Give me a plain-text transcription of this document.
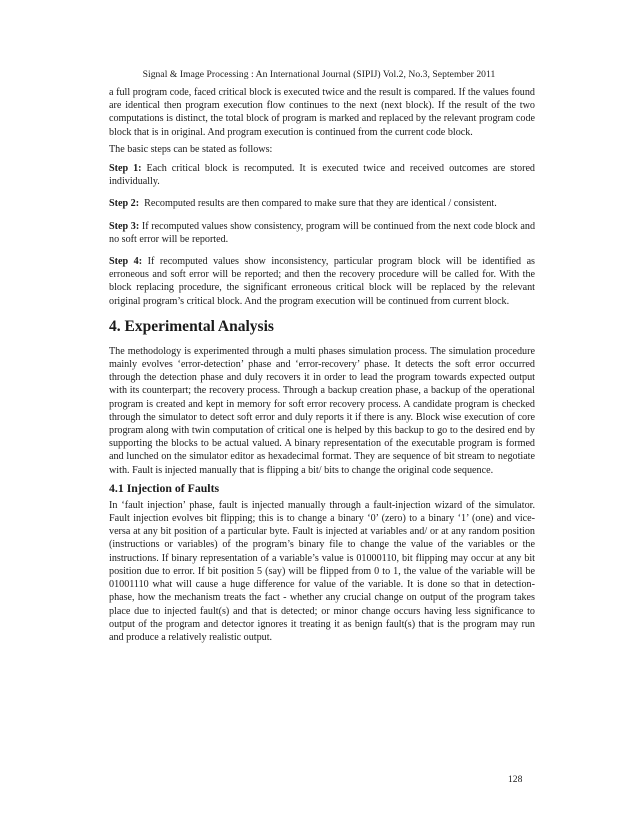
Signal & Image Processing : An International Journal (SIPIJ) Vol.2, No.3, September 2011

a full program code, faced critical block is executed twice and the result is compared. If the values found are identical then program execution flow continues to the next (next block). If the result of the two computations is distinct, the total block of program is marked and replaced by the relevant program code block that is in original. And program execution is continued from the current code block.

The basic steps can be stated as follows:

Step 1: Each critical block is recomputed. It is executed twice and received outcomes are stored individually.

Step 2:  Recomputed results are then compared to make sure that they are identical / consistent.

Step 3: If recomputed values show consistency, program will be continued from the next code block and no soft error will be reported.

Step 4: If recomputed values show inconsistency, particular program block will be identified as erroneous and soft error will be reported; and then the recovery procedure will be called for. With the block replacing procedure, the significant erroneous critical block will be replaced by the relevant original program’s critical block. And the program execution will be continued from current block.

4. Experimental Analysis

The methodology is experimented through a multi phases simulation process. The simulation procedure mainly evolves ‘error-detection’ phase and ‘error-recovery’ phase. It detects the soft error occurred through the detection phase and duly recovers it in order to lead the program towards expected output with its counterpart; the recovery process. Through a backup creation phase, a backup of the operational program is created and kept in memory for soft error recovery process. A candidate program is checked through the simulator to detect soft error and duly reports it if there is any. Block wise execution of core program along with twin computation of critical one is helped by this backup to go to the desired end by supporting the blocks to be actual valued. A binary representation of the executable program is formed and lunched on the simulator editor as hexadecimal format. They are sequence of bit stream to negotiate with. Fault is injected manually that is flipping a bit/ bits to change the original code sequence.

4.1 Injection of Faults

In ‘fault injection’ phase, fault is injected manually through a fault-injection wizard of the simulator. Fault injection evolves bit flipping; this is to change a binary ‘0’ (zero) to a binary ‘1’ (one) and vice-versa at any bit position of a particular byte. Fault is injected at variables and/ or at any random position (instructions or variables) of the program’s binary file to change the value of the variables or the instructions. If binary representation of a variable’s value is 01000110, bit flipping may occur at any bit position due to error. If bit position 5 (say) will be flipped from 0 to 1, the value of the variable will be 01001110 what will cause a huge difference for value of the variable. It is done so that in detection-phase, how the mechanism treats the fact - whether any crucial change on output of the program takes place due to injected fault(s) and that is detected; or minor change occurs having less significance to output of the program and detector ignores it treating it as benign fault(s) that is the program may run and produce a relatively realistic output.

128
